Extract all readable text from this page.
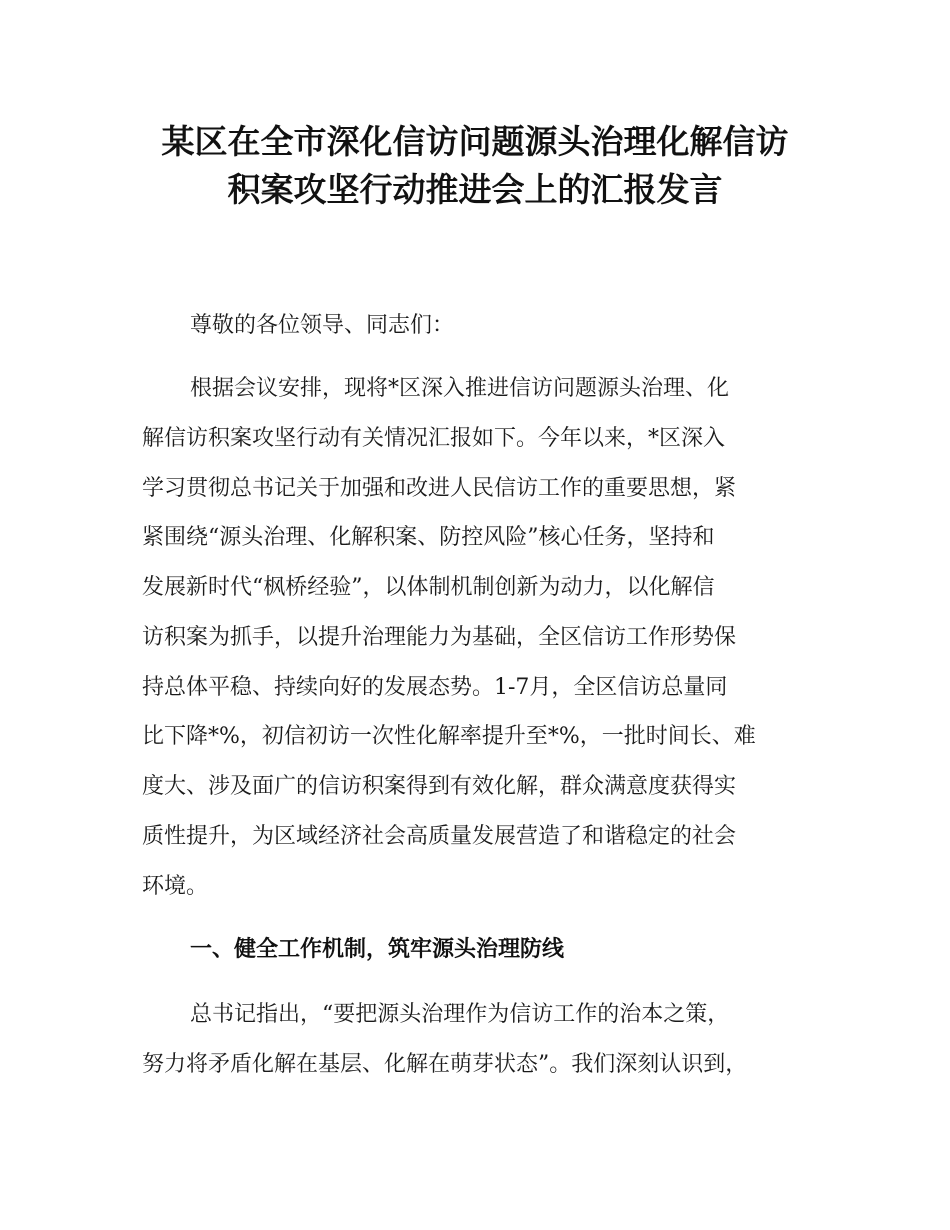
某区在全市深化信访问题源头治理化解信访
积案攻坚行动推进会上的汇报发言
尊敬的各位领导、同志们：
根据会议安排，现将*区深入推进信访问题源头治理、化
解信访积案攻坚行动有关情况汇报如下。今年以来，*区深入
学习贯彻总书记关于加强和改进人民信访工作的重要思想，紧
紧围绕“源头治理、化解积案、防控风险”核心任务，坚持和
发展新时代“枫桥经验”，以体制机制创新为动力，以化解信
访积案为抓手，以提升治理能力为基础，全区信访工作形势保
持总体平稳、持续向好的发展态势。1-7月，全区信访总量同
比下降*%，初信初访一次性化解率提升至*%，一批时间长、难
度大、涉及面广的信访积案得到有效化解，群众满意度获得实
质性提升，为区域经济社会高质量发展营造了和谐稳定的社会
环境。
一、健全工作机制，筑牢源头治理防线
总书记指出，“要把源头治理作为信访工作的治本之策，
努力将矛盾化解在基层、化解在萌芽状态”。我们深刻认识到，
